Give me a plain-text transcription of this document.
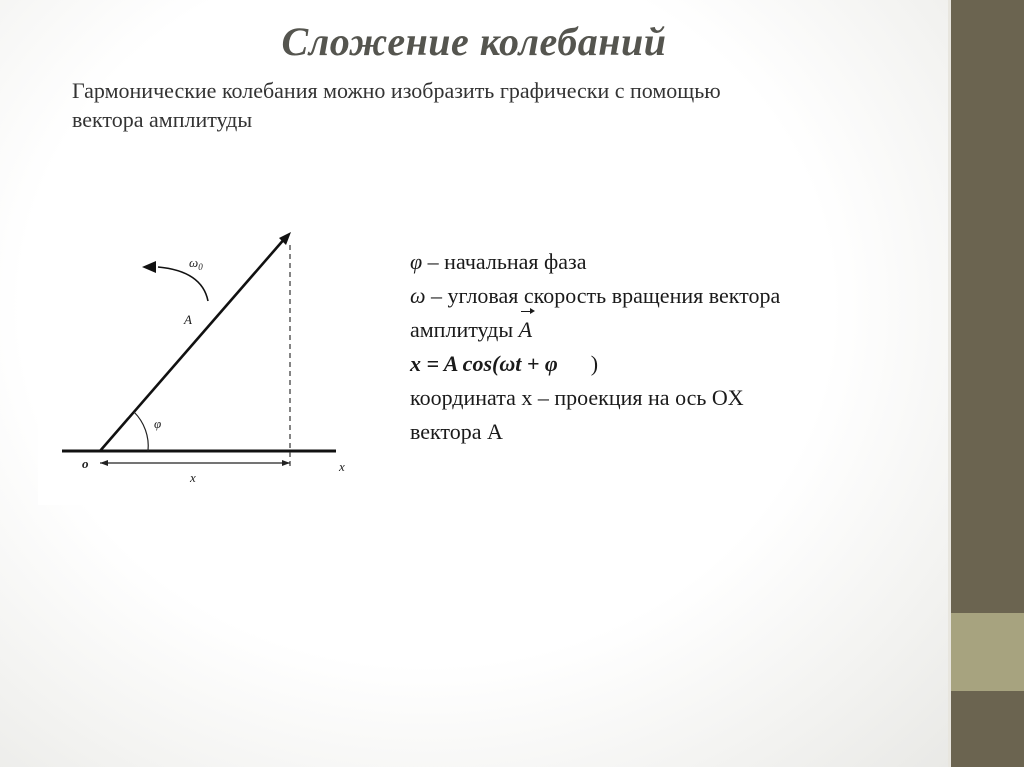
Сложение колебаний
Гармонические колебания можно изобразить графически с помощью
вектора амплитуды
$\omega_0$
A
φ
o	x
x
φ – начальная фаза
ω – угловая скорость вращения вектора
амплитуды A
x = A cos(ωt + φ )
координата x – проекция на ось OX
вектора A
